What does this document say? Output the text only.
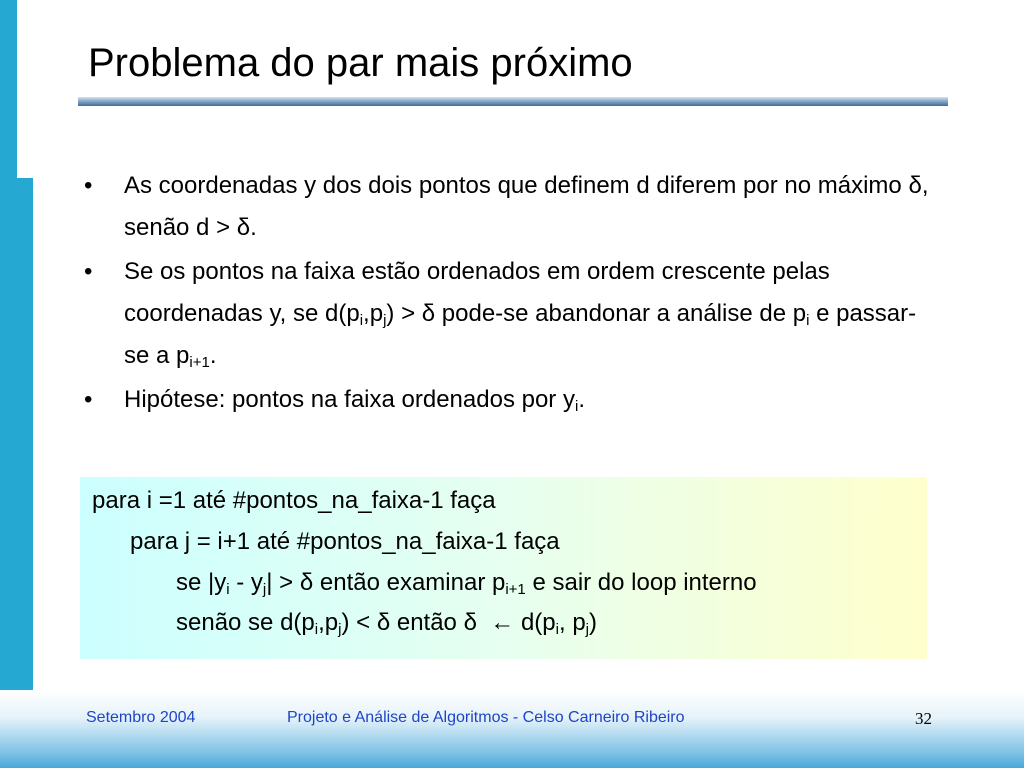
Problema do par mais próximo
• As coordenadas y dos dois pontos que definem d diferem por no máximo δ, senão d > δ.
• Se os pontos na faixa estão ordenados em ordem crescente pelas coordenadas y, se $d(p_i,p_j) > \delta$ pode-se abandonar a análise de $p_i$ e passar-se a $p_{i+1}$.
• Hipótese: pontos na faixa ordenados por $y_i$.
para i =1 até #pontos_na_faixa-1 faça
para j = i+1 até #pontos_na_faixa-1 faça
se $|y_i - y_j| > \delta$ então examinar $p_{i+1}$ e sair do loop interno
senão se $d(p_i,p_j) < \delta$ então δ  ← $d(p_i$, $p_j$)
Setembro 2004	Projeto e Análise de Algoritmos - Celso Carneiro Ribeiro	32
